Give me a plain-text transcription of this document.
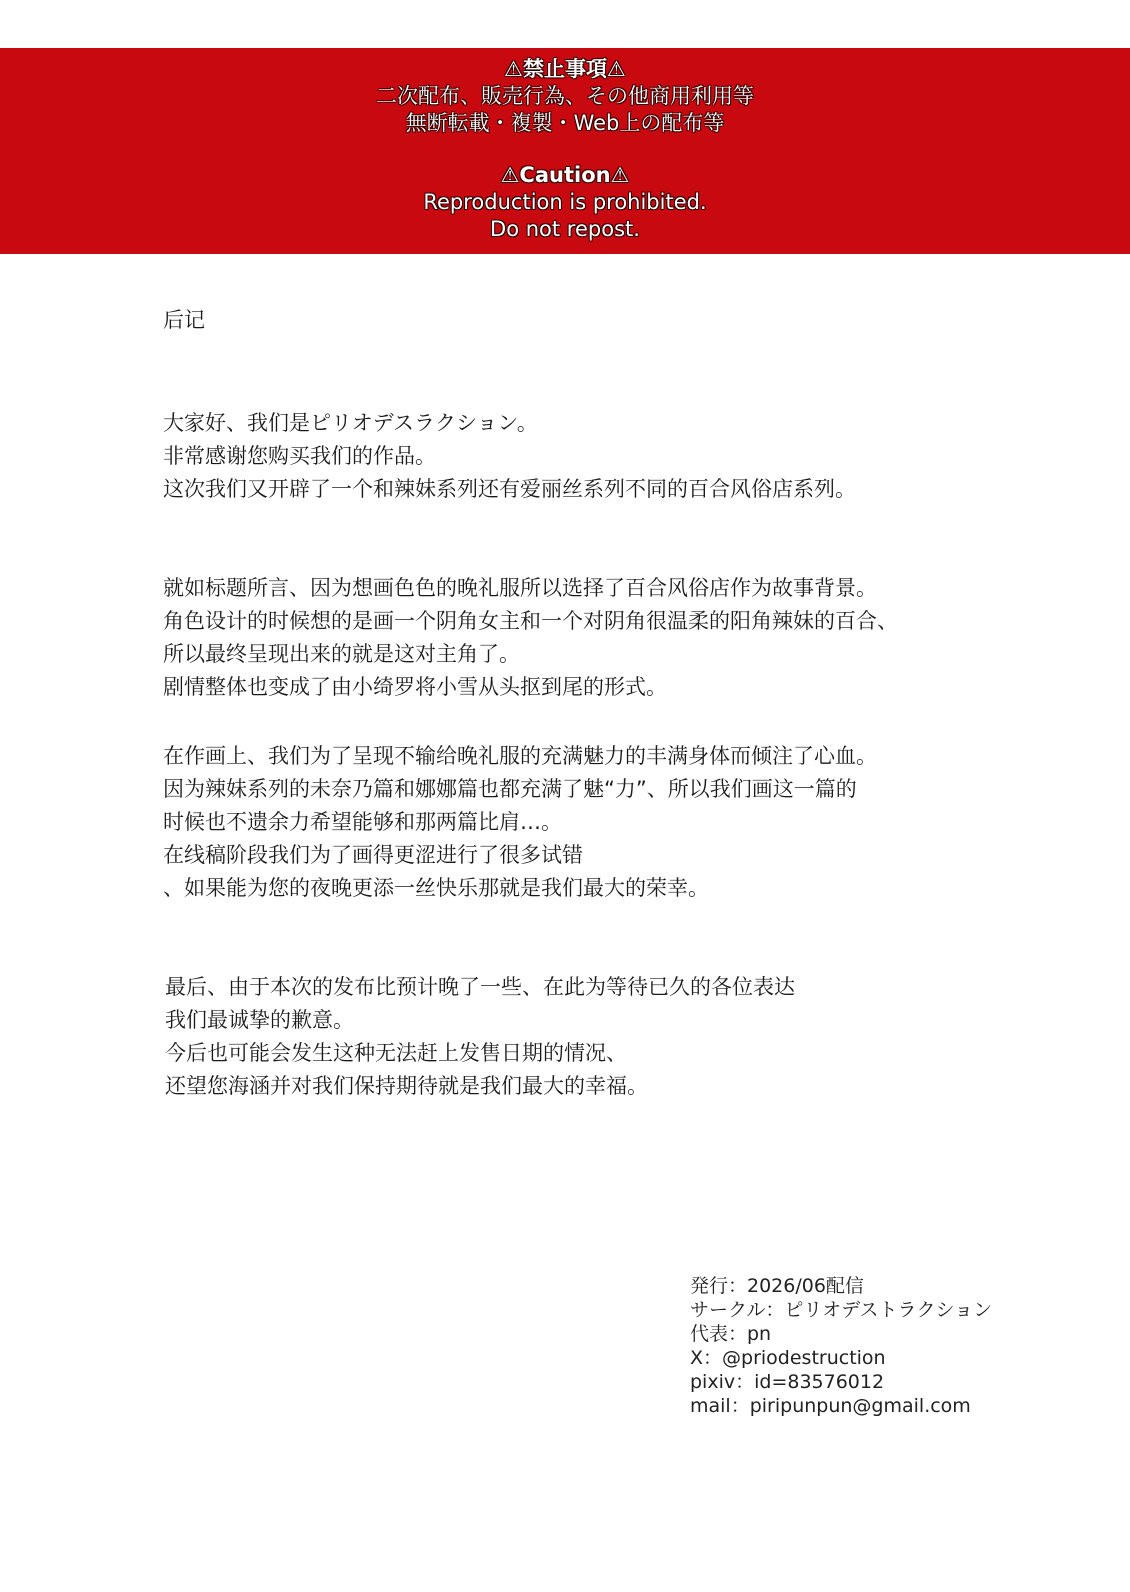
⚠禁止事項⚠
二次配布、販売行為、その他商用利用等
無断転載・複製・Web上の配布等
⚠Caution⚠
Reproduction is prohibited.
Do not repost.
后记
大家好、我们是ピリオデスラクション。
非常感谢您购买我们的作品。
这次我们又开辟了一个和辣妹系列还有爱丽丝系列不同的百合风俗店系列。
就如标题所言、因为想画色色的晚礼服所以选择了百合风俗店作为故事背景。
角色设计的时候想的是画一个阴角女主和一个对阴角很温柔的阳角辣妹的百合、
所以最终呈现出来的就是这对主角了。
剧情整体也变成了由小绮罗将小雪从头抠到尾的形式。
在作画上、我们为了呈现不输给晚礼服的充满魅力的丰满身体而倾注了心血。
因为辣妹系列的未奈乃篇和娜娜篇也都充满了魅“力”、所以我们画这一篇的
时候也不遗余力希望能够和那两篇比肩…。
在线稿阶段我们为了画得更涩进行了很多试错
、如果能为您的夜晚更添一丝快乐那就是我们最大的荣幸。
最后、由于本次的发布比预计晚了一些、在此为等待已久的各位表达
我们最诚挚的歉意。
今后也可能会发生这种无法赶上发售日期的情况、
还望您海涵并对我们保持期待就是我们最大的幸福。
発行：2026/06配信
サークル：ピリオデストラクション
代表：pn
X：@priodestruction
pixiv：id=83576012
mail：piripunpun@gmail.com
